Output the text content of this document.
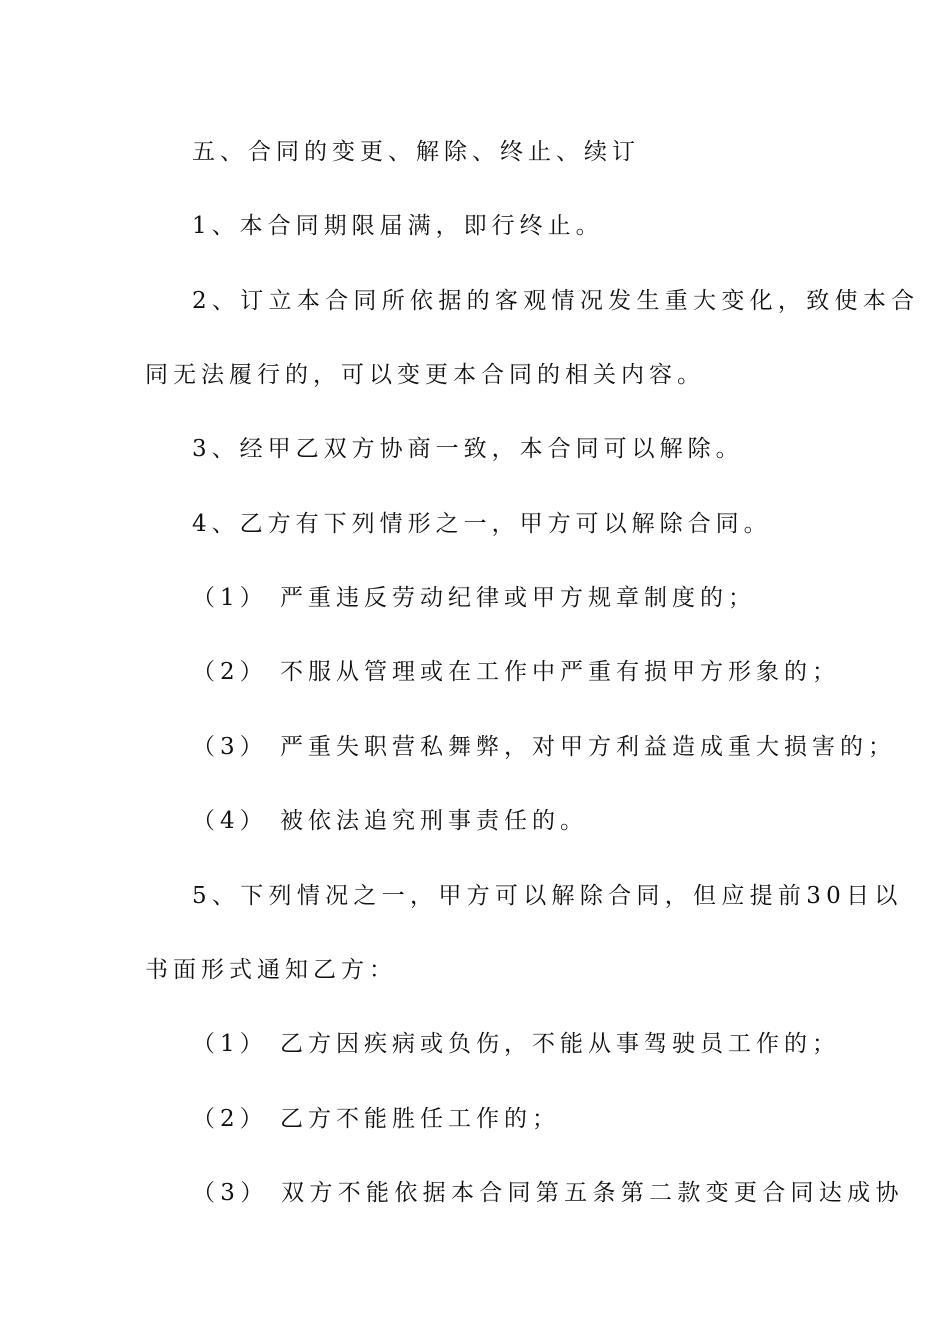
五、合同的变更、解除、终止、续订
1、本合同期限届满，即行终止。
2、订立本合同所依据的客观情况发生重大变化，致使本合
同无法履行的，可以变更本合同的相关内容。
3、经甲乙双方协商一致，本合同可以解除。
4、乙方有下列情形之一，甲方可以解除合同。
（1） 严重违反劳动纪律或甲方规章制度的；
（2） 不服从管理或在工作中严重有损甲方形象的；
（3） 严重失职营私舞弊，对甲方利益造成重大损害的；
（4） 被依法追究刑事责任的。
5、下列情况之一，甲方可以解除合同，但应提前30日以
书面形式通知乙方：
（1） 乙方因疾病或负伤，不能从事驾驶员工作的；
（2） 乙方不能胜任工作的；
（3） 双方不能依据本合同第五条第二款变更合同达成协
